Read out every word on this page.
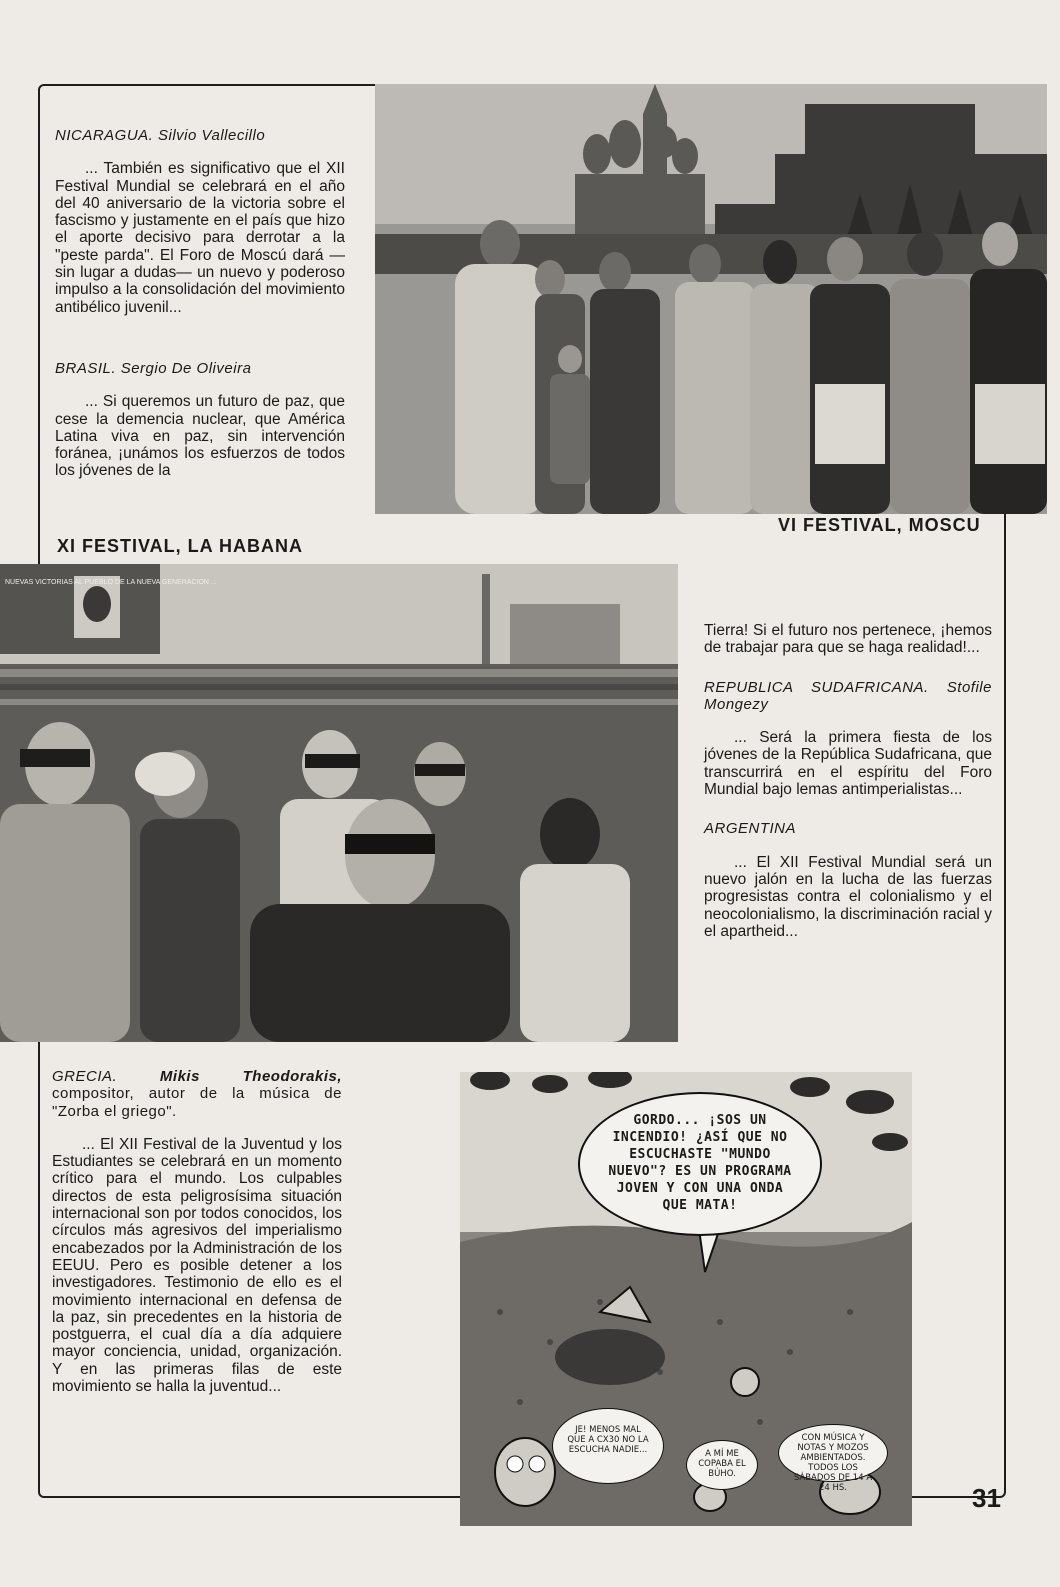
NICARAGUA. Silvio Vallecillo

... También es significativo que el XII Festival Mundial se celebrará en el año del 40 aniversario de la victoria sobre el fascismo y justamente en el país que hizo el aporte decisivo para derrotar a la "peste parda". El Foro de Moscú dará —sin lugar a dudas— un nuevo y poderoso impulso a la consolidación del movimiento antibélico juvenil...

BRASIL. Sergio De Oliveira

... Si queremos un futuro de paz, que cese la demencia nuclear, que América Latina viva en paz, sin intervención foránea, ¡unámos los esfuerzos de todos los jóvenes de la

XI FESTIVAL, LA HABANA
VI FESTIVAL, MOSCU
NUEVAS VICTORIAS AL PUEBLO DE LA NUEVA GENERACION ...

Tierra! Si el futuro nos pertenece, ¡hemos de trabajar para que se haga realidad!...

REPUBLICA SUDAFRICANA. Stofile Mongezy

... Será la primera fiesta de los jóvenes de la República Sudafricana, que transcurrirá en el espíritu del Foro Mundial bajo lemas antimperialistas...

ARGENTINA

... El XII Festival Mundial será un nuevo jalón en la lucha de las fuerzas progresistas contra el colonialismo y el neocolonialismo, la discriminación racial y el apartheid...

GRECIA.	Mikis Theodorakis, compositor, autor de la música de "Zorba el griego".

... El XII Festival de la Juventud y los Estudiantes se celebrará en un momento crítico para el mundo. Los culpables directos de esta peligrosísima situación internacional son por todos conocidos, los círculos más agresivos del imperialismo encabezados por la Administración de los EEUU. Pero es posible detener a los investigadores. Testimonio de ello es el movimiento internacional en defensa de la paz, sin precedentes en la historia de postguerra, el cual día a día adquiere mayor conciencia, unidad, organización. Y en las primeras filas de este movimiento se halla la juventud...

GORDO... ¡SOS UN INCENDIO! ¿ASÍ QUE NO ESCUCHASTE "MUNDO NUEVO"? ES UN PROGRAMA JOVEN Y CON UNA ONDA QUE MATA!
JE! MENOS MAL QUE A CX30 NO LA ESCUCHA NADIE...	A MÍ ME COPABA EL BÚHO.
CON MÚSICA Y NOTAS Y MOZOS AMBIENTADOS. TODOS LOS SÁBADOS DE 14 A 24 HS.	31
